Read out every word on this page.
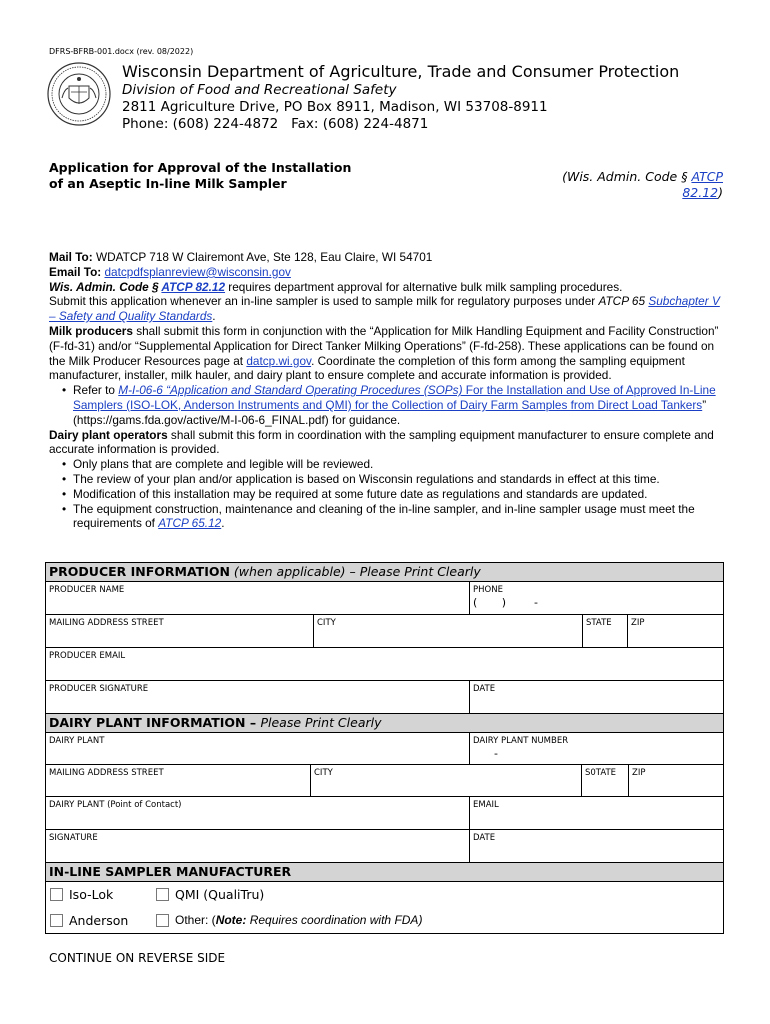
DFRS-BFRB-001.docx (rev. 08/2022)
Wisconsin Department of Agriculture, Trade and Consumer Protection
Division of Food and Recreational Safety
2811 Agriculture Drive, PO Box 8911, Madison, WI 53708-8911
Phone: (608) 224-4872   Fax: (608) 224-4871
Application for Approval of the Installation
of an Aseptic In-line Milk Sampler	(Wis. Admin. Code § ATCP 82.12)

Mail To: WDATCP 718 W Clairemont Ave, Ste 128, Eau Claire, WI 54701

Email To: datcpdfsplanreview@wisconsin.gov

Wis. Admin. Code § ATCP 82.12 requires department approval for alternative bulk milk sampling procedures.
Submit this application whenever an in-line sampler is used to sample milk for regulatory purposes under ATCP 65 Subchapter V – Safety and Quality Standards.

Milk producers shall submit this form in conjunction with the “Application for Milk Handling Equipment and Facility Construction” (F-fd-31) and/or “Supplemental Application for Direct Tanker Milking Operations” (F-fd-258). These applications can be found on the Milk Producer Resources page at datcp.wi.gov. Coordinate the completion of this form among the sampling equipment manufacturer, installer, milk hauler, and dairy plant to ensure complete and accurate information is provided.

• Refer to M-I-06-6 “Application and Standard Operating Procedures (SOPs) For the Installation and Use of Approved In-Line Samplers (ISO-LOK, Anderson Instruments and QMI) for the Collection of Dairy Farm Samples from Direct Load Tankers” (https://gams.fda.gov/active/M-I-06-6_FINAL.pdf) for guidance.

Dairy plant operators shall submit this form in coordination with the sampling equipment manufacturer to ensure complete and accurate information is provided.

• Only plans that are complete and legible will be reviewed.
• The review of your plan and/or application is based on Wisconsin regulations and standards in effect at this time.
• Modification of this installation may be required at some future date as regulations and standards are updated.
• The equipment construction, maintenance and cleaning of the in-line sampler, and in-line sampler usage must meet the requirements of ATCP 65.12.
PRODUCER INFORMATION (when applicable) – Please Print Clearly
PRODUCER NAME	PHONE
(       )        -
MAILING ADDRESS STREET	CITY	STATE	ZIP
PRODUCER EMAIL
PRODUCER SIGNATURE	DATE
DAIRY PLANT INFORMATION – Please Print Clearly
DAIRY PLANT	DAIRY PLANT NUMBER
-
MAILING ADDRESS STREET	CITY	S0TATE	ZIP
DAIRY PLANT (Point of Contact)	EMAIL
SIGNATURE	DATE
IN-LINE SAMPLER MANUFACTURER
Iso-Lok	QMI (QualiTru)
Anderson	Other: (Note: Requires coordination with FDA)
CONTINUE ON REVERSE SIDE
